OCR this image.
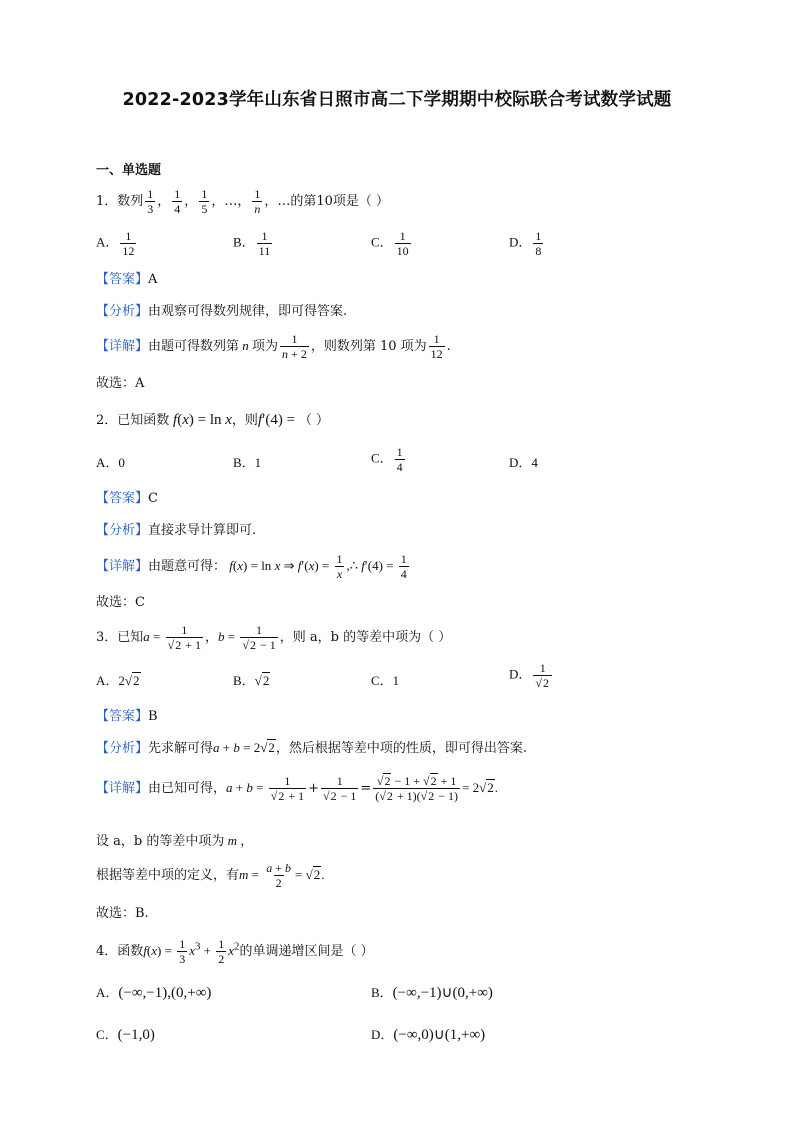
2022-2023学年山东省日照市高二下学期期中校际联合考试数学试题
一、单选题
1．数列 $\frac{1}{3}$ ， $\frac{1}{4}$ ， $\frac{1}{5}$ ，…， $\frac{1}{n}$ ，…的第10项是（ ）
A． $\frac{1}{12}$	B． $\frac{1}{11}$	C． $\frac{1}{10}$	D． $\frac{1}{8}$
【答案】A
【分析】由观察可得数列规律，即可得答案.
【详解】由题可得数列第 n 项为 $\frac{1}{n + 2}$ ，则数列第 10 项为 $\frac{1}{12}$ .
故选：A
2．已知函数 f(x) = ln x，则f′(4) = （ ）
A．0	B．1	C． $\frac{1}{4}$	D．4
【答案】C
【分析】直接求导计算即可.
【详解】由题意可得： f(x) = ln x ⇒ $f'(x) = \frac{1}{x}$ ,∴ $f'(4) = \frac{1}{4}$
故选：C
3．已知$a = \frac{1}{√2 + 1}$ ，$b = \frac{1}{√2 - 1}$ ，则 a，b 的等差中项为（ ）
A．2√2	B．√2	C．1	D． $\frac{1}{√2}$
【答案】B
【分析】先求解可得a + b = 2√2，然后根据等差中项的性质，即可得出答案.
【详解】由已知可得，$a + b = \frac{1}{√2 + 1} + \frac{1}{√2 - 1} = \frac{√2 - 1 + √2 + 1}{(√2 + 1)(√2 - 1)} = 2√2$.
设 a，b 的等差中项为 m ，
根据等差中项的定义，有$m = \frac{a + b}{2} = √2$.
故选：B.
4．函数$f(x) = \frac{1}{3} x^3 + \frac{1}{2} x^2$的单调递增区间是（ ）
A．(−∞,−1),(0,+∞)	B．(−∞,−1)∪(0,+∞)
C．(−1,0)	D．(−∞,0)∪(1,+∞)
